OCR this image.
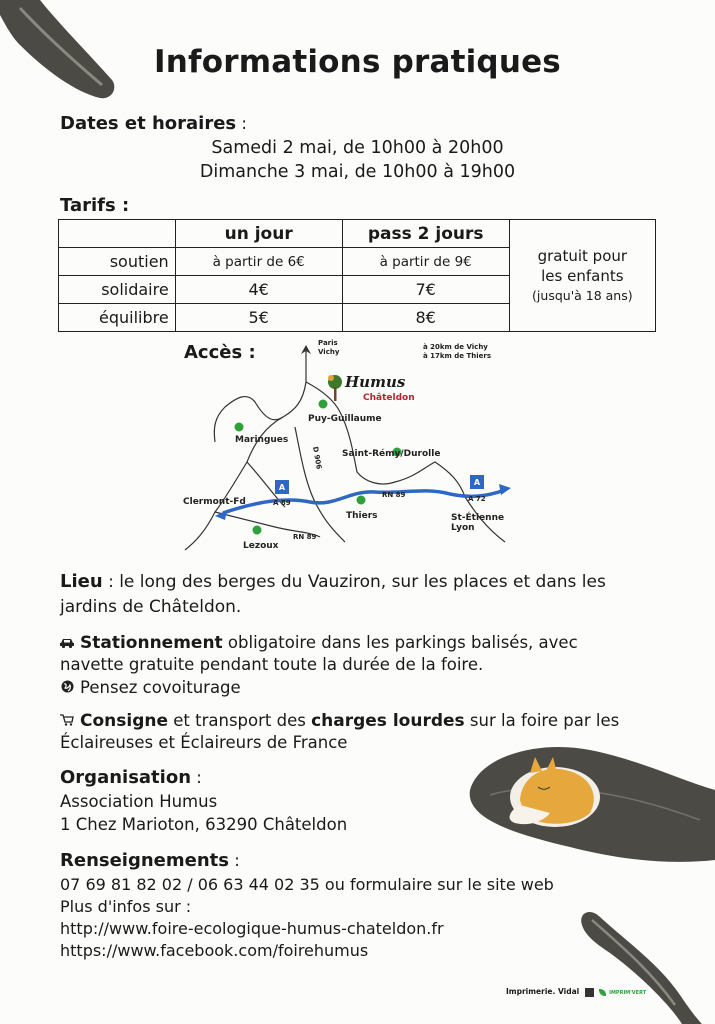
Informations pratiques
Dates et horaires :
Samedi 2 mai, de 10h00 à 20h00
Dimanche 3 mai, de 10h00 à 19h00
Tarifs :
	un jour	pass 2 jours	gratuit pour
les enfants
(jusqu'à 18 ans)

soutien	à partir de 6€	à partir de 9€	
solidaire	4€	7€	
équilibre	5€	8€	
Accès :
A
A
Humus
Châteldon
Paris
Vichy
à 20km de Vichy
à 17km de Thiers
Puy-Guillaume
Maringues
D 906 Saint-Rémy/Durolle
A 89	A 72
RN 89
Clermont-Fd
Thiers	St-Étienne
Lyon
Lezoux
RN 89
Lieu : le long des berges du Vauziron, sur les places et dans les
jardins de Châteldon.
Stationnement obligatoire dans les parkings balisés, avec
navette gratuite pendant toute la durée de la foire.
Pensez covoiturage
Consigne et transport des charges lourdes sur la foire par les
Éclaireuses et Éclaireurs de France
Organisation :
Association Humus
1 Chez Marioton, 63290 Châteldon
Renseignements :
07 69 81 82 02 / 06 63 44 02 35 ou formulaire sur le site web
Plus d'infos sur :
http://www.foire-ecologique-humus-chateldon.fr
https://www.facebook.com/foirehumus
Imprimerie. Vidal	IMPRIM'VERT
